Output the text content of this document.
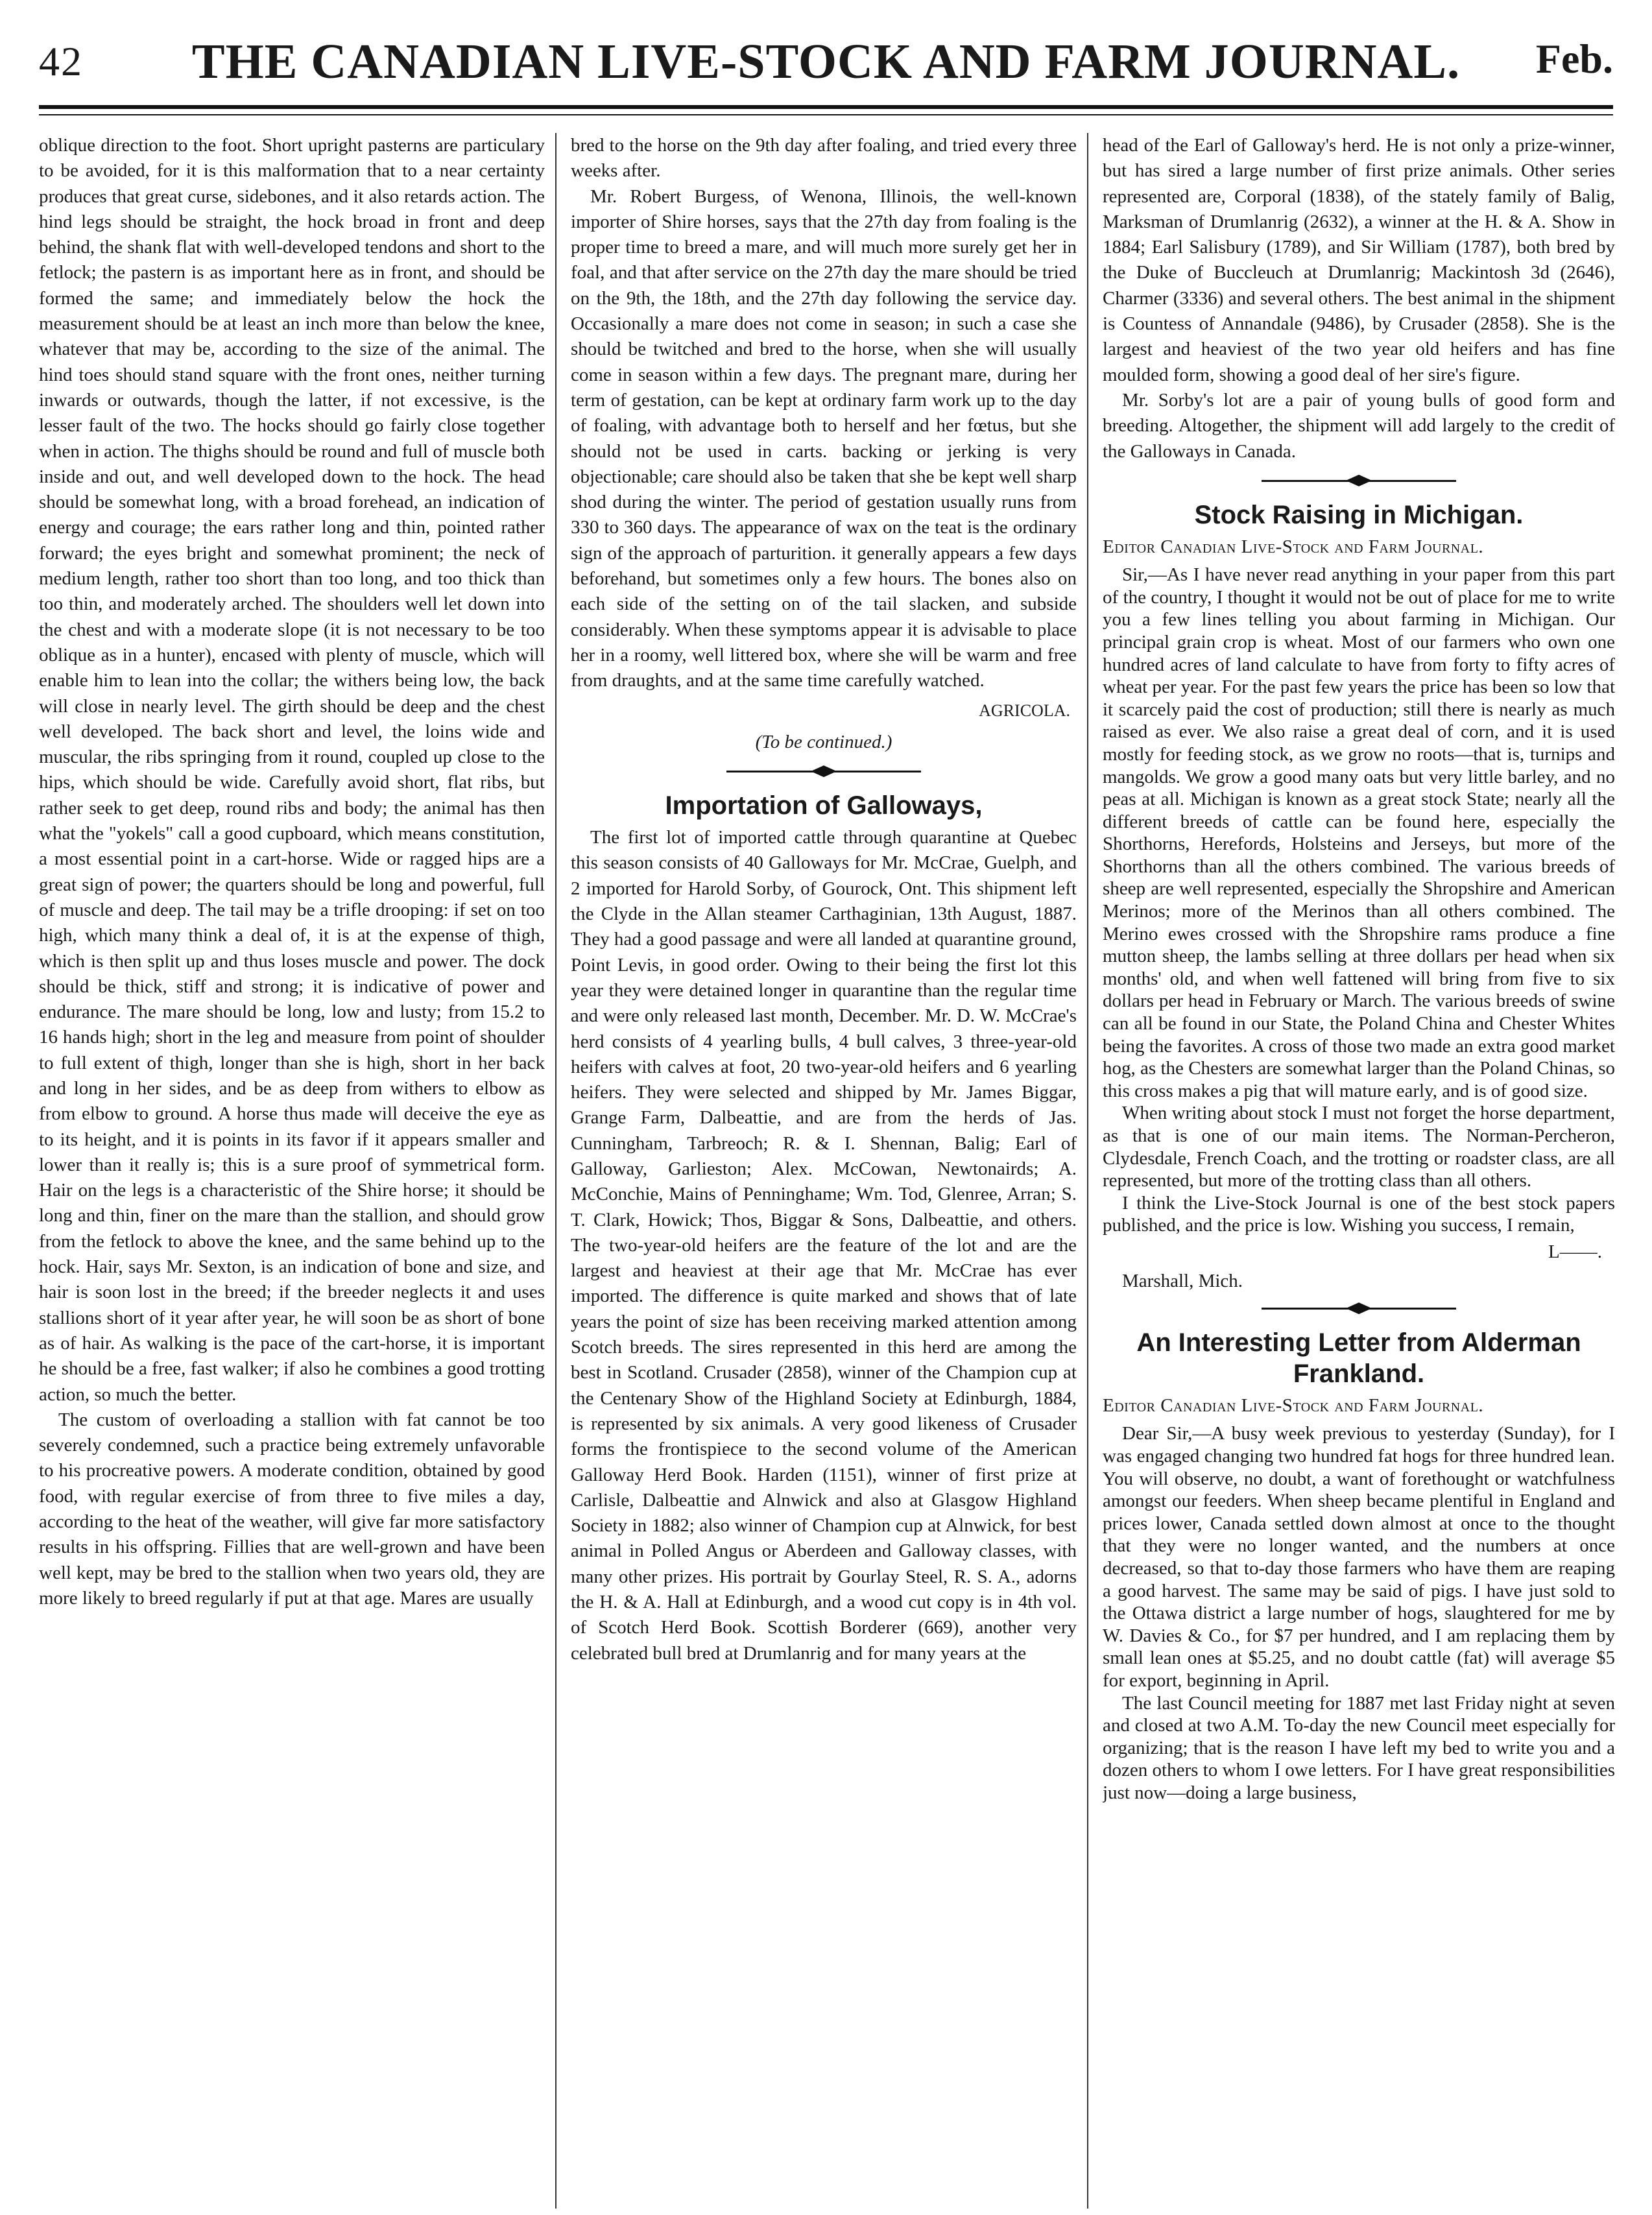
42	THE CANADIAN LIVE-STOCK AND FARM JOURNAL.	Feb.

oblique direction to the foot. Short upright pasterns are particulary to be avoided, for it is this malformation that to a near certainty produces that great curse, sidebones, and it also retards action. The hind legs should be straight, the hock broad in front and deep behind, the shank flat with well-developed tendons and short to the fetlock; the pastern is as important here as in front, and should be formed the same; and immediately below the hock the measurement should be at least an inch more than below the knee, whatever that may be, according to the size of the animal. The hind toes should stand square with the front ones, neither turning inwards or outwards, though the latter, if not excessive, is the lesser fault of the two. The hocks should go fairly close together when in action. The thighs should be round and full of muscle both inside and out, and well developed down to the hock. The head should be somewhat long, with a broad forehead, an indication of energy and courage; the ears rather long and thin, pointed rather forward; the eyes bright and somewhat prominent; the neck of medium length, rather too short than too long, and too thick than too thin, and moderately arched. The shoulders well let down into the chest and with a moderate slope (it is not necessary to be too oblique as in a hunter), encased with plenty of muscle, which will enable him to lean into the collar; the withers being low, the back will close in nearly level. The girth should be deep and the chest well developed. The back short and level, the loins wide and muscular, the ribs springing from it round, coupled up close to the hips, which should be wide. Carefully avoid short, flat ribs, but rather seek to get deep, round ribs and body; the animal has then what the "yokels" call a good cupboard, which means constitution, a most essential point in a cart-horse. Wide or ragged hips are a great sign of power; the quarters should be long and powerful, full of muscle and deep. The tail may be a trifle drooping: if set on too high, which many think a deal of, it is at the expense of thigh, which is then split up and thus loses muscle and power. The dock should be thick, stiff and strong; it is indicative of power and endurance. The mare should be long, low and lusty; from 15.2 to 16 hands high; short in the leg and measure from point of shoulder to full extent of thigh, longer than she is high, short in her back and long in her sides, and be as deep from withers to elbow as from elbow to ground. A horse thus made will deceive the eye as to its height, and it is points in its favor if it appears smaller and lower than it really is; this is a sure proof of symmetrical form. Hair on the legs is a characteristic of the Shire horse; it should be long and thin, finer on the mare than the stallion, and should grow from the fetlock to above the knee, and the same behind up to the hock. Hair, says Mr. Sexton, is an indication of bone and size, and hair is soon lost in the breed; if the breeder neglects it and uses stallions short of it year after year, he will soon be as short of bone as of hair. As walking is the pace of the cart-horse, it is important he should be a free, fast walker; if also he combines a good trotting action, so much the better.

The custom of overloading a stallion with fat cannot be too severely condemned, such a practice being extremely unfavorable to his procreative powers. A moderate condition, obtained by good food, with regular exercise of from three to five miles a day, according to the heat of the weather, will give far more satisfactory results in his offspring. Fillies that are well-grown and have been well kept, may be bred to the stallion when two years old, they are more likely to breed regularly if put at that age. Mares are usually

bred to the horse on the 9th day after foaling, and tried every three weeks after.

Mr. Robert Burgess, of Wenona, Illinois, the well-known importer of Shire horses, says that the 27th day from foaling is the proper time to breed a mare, and will much more surely get her in foal, and that after service on the 27th day the mare should be tried on the 9th, the 18th, and the 27th day following the service day. Occasionally a mare does not come in season; in such a case she should be twitched and bred to the horse, when she will usually come in season within a few days. The pregnant mare, during her term of gestation, can be kept at ordinary farm work up to the day of foaling, with advantage both to herself and her fœtus, but she should not be used in carts. backing or jerking is very objectionable; care should also be taken that she be kept well sharp shod during the winter. The period of gestation usually runs from 330 to 360 days. The appearance of wax on the teat is the ordinary sign of the approach of parturition. it generally appears a few days beforehand, but sometimes only a few hours. The bones also on each side of the setting on of the tail slacken, and subside considerably. When these symptoms appear it is advisable to place her in a roomy, well littered box, where she will be warm and free from draughts, and at the same time carefully watched.

AGRICOLA.

(To be continued.)

Importation of Galloways,

The first lot of imported cattle through quarantine at Quebec this season consists of 40 Galloways for Mr. McCrae, Guelph, and 2 imported for Harold Sorby, of Gourock, Ont. This shipment left the Clyde in the Allan steamer Carthaginian, 13th August, 1887. They had a good passage and were all landed at quarantine ground, Point Levis, in good order. Owing to their being the first lot this year they were detained longer in quarantine than the regular time and were only released last month, December. Mr. D. W. McCrae's herd consists of 4 yearling bulls, 4 bull calves, 3 three-year-old heifers with calves at foot, 20 two-year-old heifers and 6 yearling heifers. They were selected and shipped by Mr. James Biggar, Grange Farm, Dalbeattie, and are from the herds of Jas. Cunningham, Tarbreoch; R. & I. Shennan, Balig; Earl of Galloway, Garlieston; Alex. McCowan, Newtonairds; A. McConchie, Mains of Penninghame; Wm. Tod, Glenree, Arran; S. T. Clark, Howick; Thos, Biggar & Sons, Dalbeattie, and others. The two-year-old heifers are the feature of the lot and are the largest and heaviest at their age that Mr. McCrae has ever imported. The difference is quite marked and shows that of late years the point of size has been receiving marked attention among Scotch breeds. The sires represented in this herd are among the best in Scotland. Crusader (2858), winner of the Champion cup at the Centenary Show of the Highland Society at Edinburgh, 1884, is represented by six animals. A very good likeness of Crusader forms the frontispiece to the second volume of the American Galloway Herd Book. Harden (1151), winner of first prize at Carlisle, Dalbeattie and Alnwick and also at Glasgow Highland Society in 1882; also winner of Champion cup at Alnwick, for best animal in Polled Angus or Aberdeen and Galloway classes, with many other prizes. His portrait by Gourlay Steel, R. S. A., adorns the H. & A. Hall at Edinburgh, and a wood cut copy is in 4th vol. of Scotch Herd Book. Scottish Borderer (669), another very celebrated bull bred at Drumlanrig and for many years at the

head of the Earl of Galloway's herd. He is not only a prize-winner, but has sired a large number of first prize animals. Other series represented are, Corporal (1838), of the stately family of Balig, Marksman of Drumlanrig (2632), a winner at the H. & A. Show in 1884; Earl Salisbury (1789), and Sir William (1787), both bred by the Duke of Buccleuch at Drumlanrig; Mackintosh 3d (2646), Charmer (3336) and several others. The best animal in the shipment is Countess of Annandale (9486), by Crusader (2858). She is the largest and heaviest of the two year old heifers and has fine moulded form, showing a good deal of her sire's figure.

Mr. Sorby's lot are a pair of young bulls of good form and breeding. Altogether, the shipment will add largely to the credit of the Galloways in Canada.

Stock Raising in Michigan.

Editor Canadian Live-Stock and Farm Journal.

Sir,—As I have never read anything in your paper from this part of the country, I thought it would not be out of place for me to write you a few lines telling you about farming in Michigan. Our principal grain crop is wheat. Most of our farmers who own one hundred acres of land calculate to have from forty to fifty acres of wheat per year. For the past few years the price has been so low that it scarcely paid the cost of production; still there is nearly as much raised as ever. We also raise a great deal of corn, and it is used mostly for feeding stock, as we grow no roots—that is, turnips and mangolds. We grow a good many oats but very little barley, and no peas at all. Michigan is known as a great stock State; nearly all the different breeds of cattle can be found here, especially the Shorthorns, Herefords, Holsteins and Jerseys, but more of the Shorthorns than all the others combined. The various breeds of sheep are well represented, especially the Shropshire and American Merinos; more of the Merinos than all others combined. The Merino ewes crossed with the Shropshire rams produce a fine mutton sheep, the lambs selling at three dollars per head when six months' old, and when well fattened will bring from five to six dollars per head in February or March. The various breeds of swine can all be found in our State, the Poland China and Chester Whites being the favorites. A cross of those two made an extra good market hog, as the Chesters are somewhat larger than the Poland Chinas, so this cross makes a pig that will mature early, and is of good size.

When writing about stock I must not forget the horse department, as that is one of our main items. The Norman-Percheron, Clydesdale, French Coach, and the trotting or roadster class, are all represented, but more of the trotting class than all others.

I think the Live-Stock Journal is one of the best stock papers published, and the price is low. Wishing you success, I remain,

L——.

Marshall, Mich.

An Interesting Letter from Alderman Frankland.

Editor Canadian Live-Stock and Farm Journal.

Dear Sir,—A busy week previous to yesterday (Sunday), for I was engaged changing two hundred fat hogs for three hundred lean. You will observe, no doubt, a want of forethought or watchfulness amongst our feeders. When sheep became plentiful in England and prices lower, Canada settled down almost at once to the thought that they were no longer wanted, and the numbers at once decreased, so that to-day those farmers who have them are reaping a good harvest. The same may be said of pigs. I have just sold to the Ottawa district a large number of hogs, slaughtered for me by W. Davies & Co., for $7 per hundred, and I am replacing them by small lean ones at $5.25, and no doubt cattle (fat) will average $5 for export, beginning in April.

The last Council meeting for 1887 met last Friday night at seven and closed at two A.M. To-day the new Council meet especially for organizing; that is the reason I have left my bed to write you and a dozen others to whom I owe letters. For I have great responsibilities just now—doing a large business,
